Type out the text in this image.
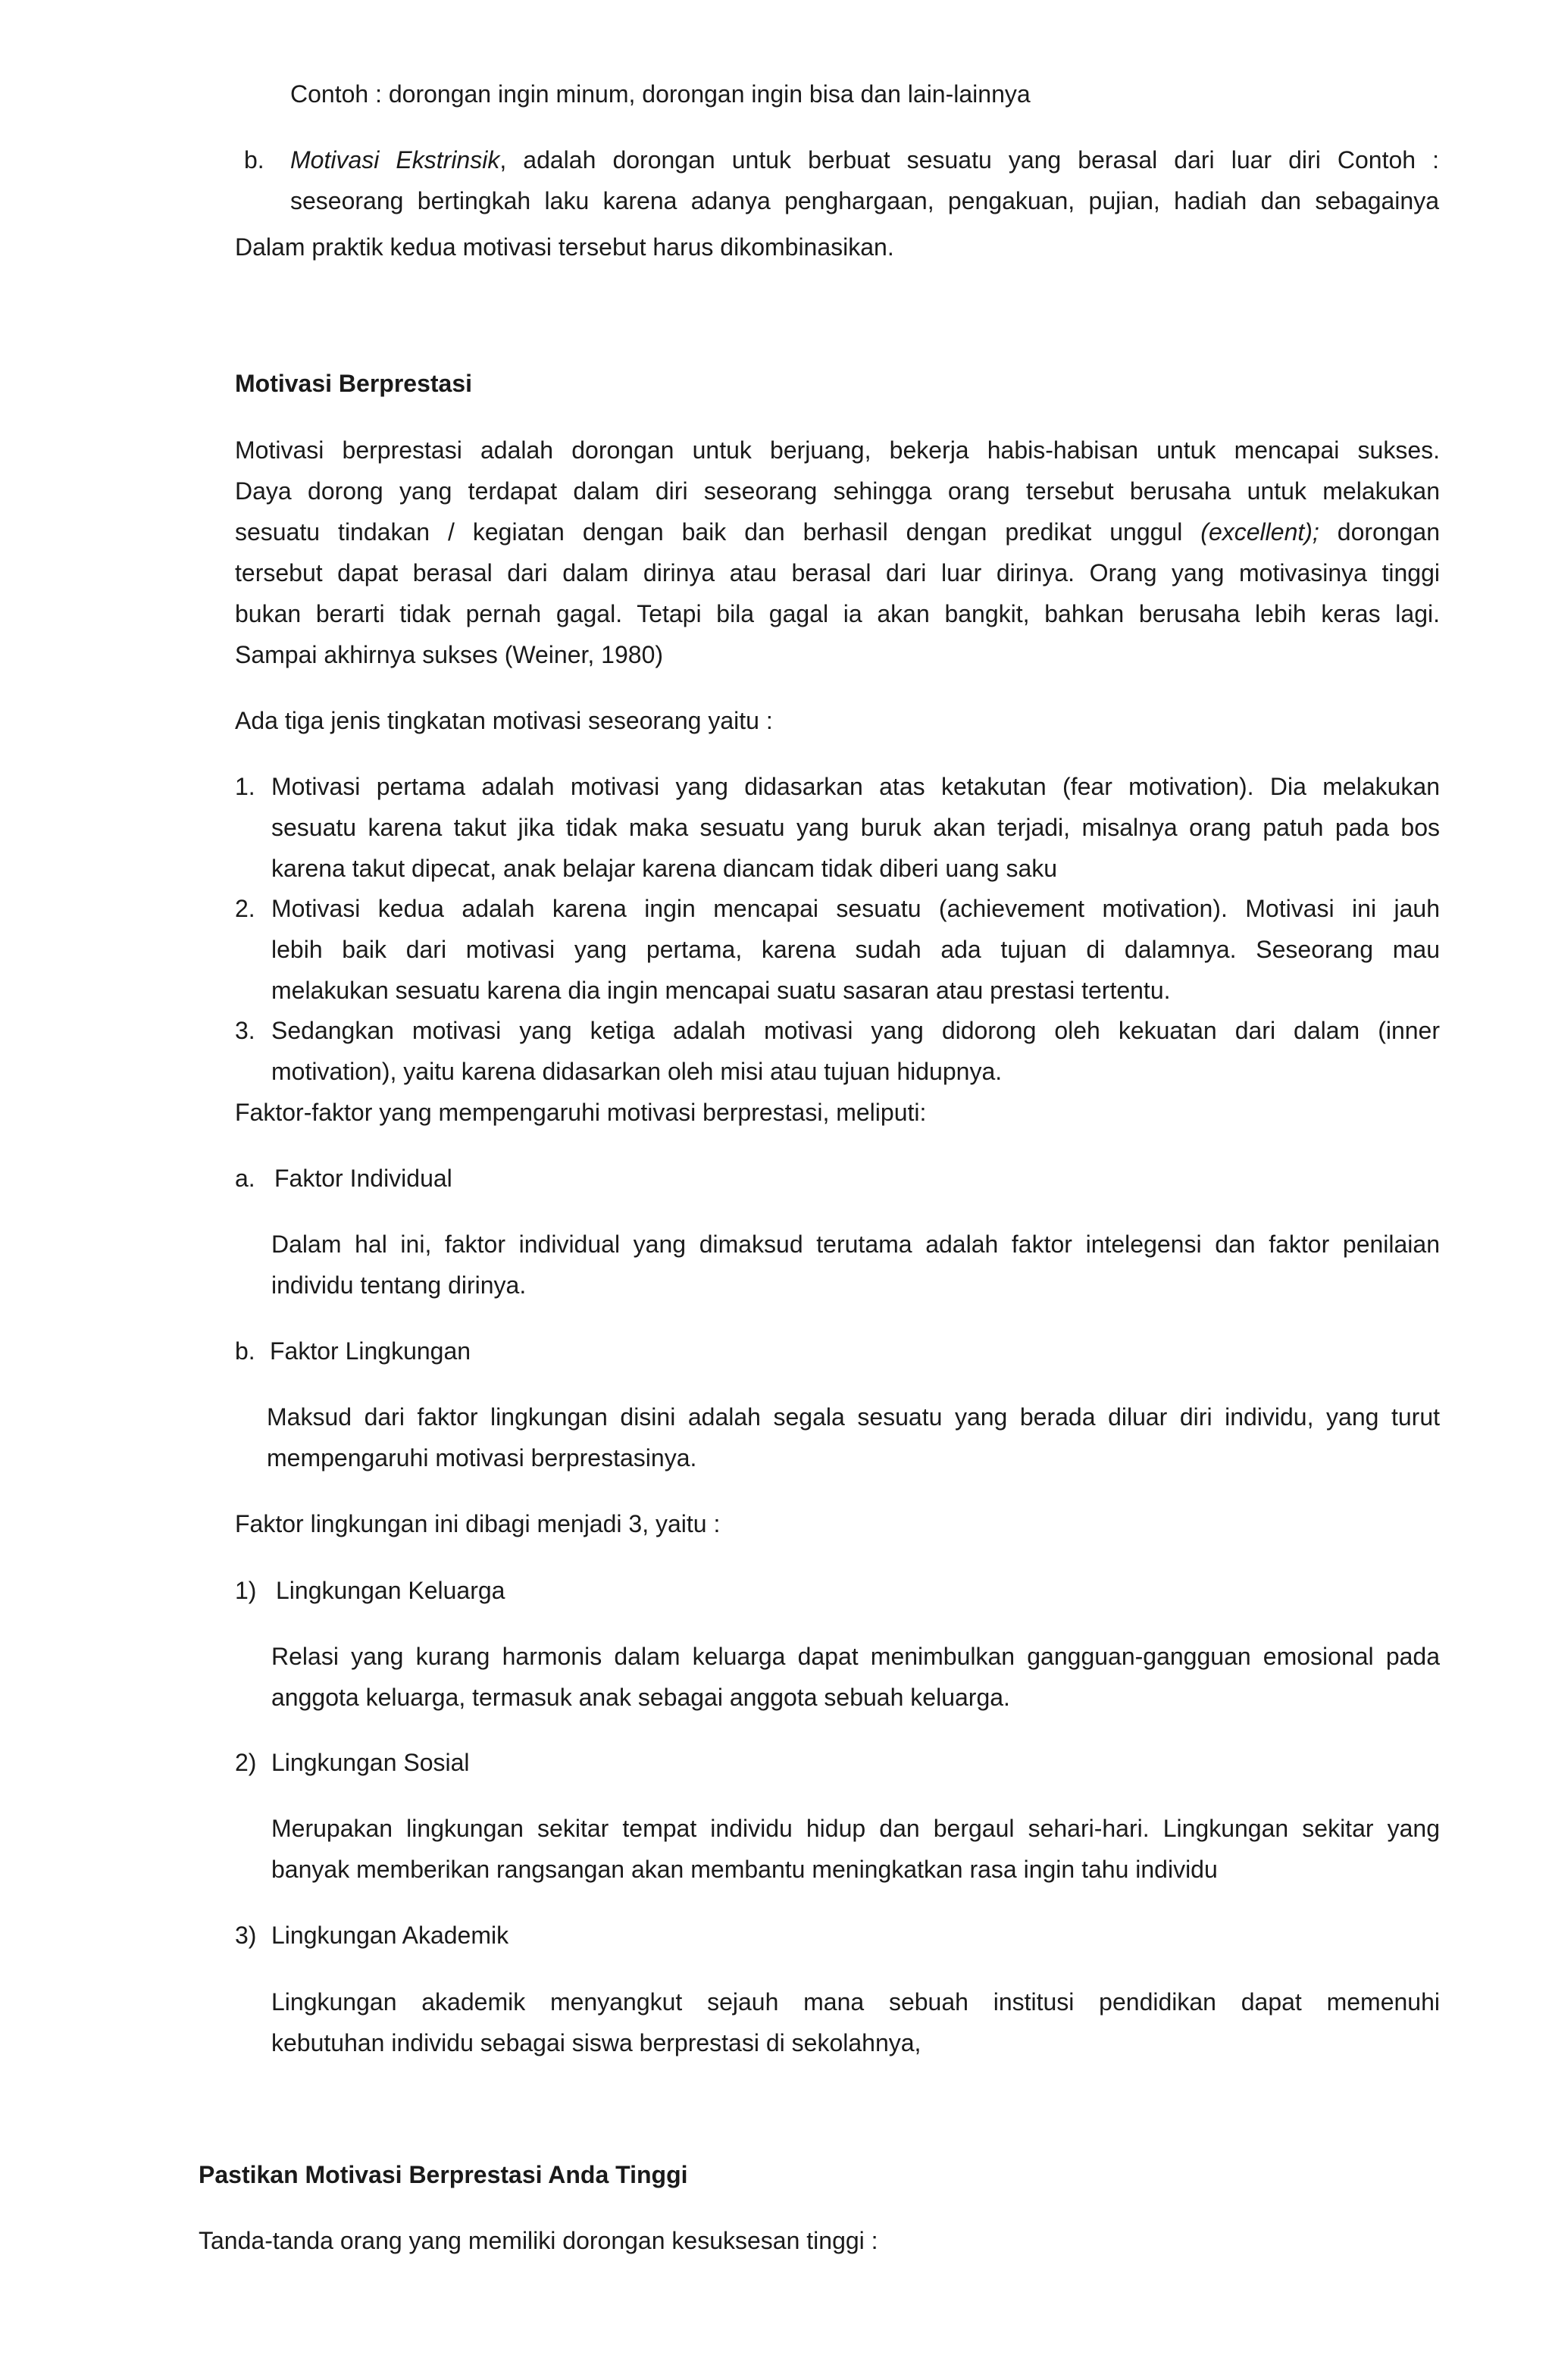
Contoh : dorongan ingin minum, dorongan ingin bisa dan lain-lainnya
b. Motivasi Ekstrinsik, adalah dorongan untuk berbuat sesuatu yang berasal dari luar diri Contoh :
seseorang bertingkah laku karena adanya penghargaan, pengakuan, pujian, hadiah dan sebagainya
Dalam praktik kedua motivasi tersebut harus dikombinasikan.
Motivasi Berprestasi
Motivasi berprestasi adalah dorongan untuk berjuang, bekerja habis-habisan untuk mencapai sukses.
Daya dorong yang terdapat dalam diri seseorang sehingga orang tersebut berusaha untuk melakukan
sesuatu tindakan / kegiatan dengan baik dan berhasil dengan predikat unggul (excellent); dorongan
tersebut dapat berasal dari dalam dirinya atau berasal dari luar dirinya. Orang yang motivasinya tinggi
bukan berarti tidak pernah gagal. Tetapi bila gagal ia akan bangkit, bahkan berusaha lebih keras lagi.
Sampai akhirnya sukses (Weiner, 1980)
Ada tiga jenis tingkatan motivasi seseorang yaitu :
1. Motivasi pertama adalah motivasi yang didasarkan atas ketakutan (fear motivation). Dia melakukan
sesuatu karena takut jika tidak maka sesuatu yang buruk akan terjadi, misalnya orang patuh pada bos
karena takut dipecat, anak belajar karena diancam tidak diberi uang saku
2. Motivasi kedua adalah karena ingin mencapai sesuatu (achievement motivation). Motivasi ini jauh
lebih baik dari motivasi yang pertama, karena sudah ada tujuan di dalamnya. Seseorang mau
melakukan sesuatu karena dia ingin mencapai suatu sasaran atau prestasi tertentu.
3. Sedangkan motivasi yang ketiga adalah motivasi yang didorong oleh kekuatan dari dalam (inner
motivation), yaitu karena didasarkan oleh misi atau tujuan hidupnya.
Faktor-faktor yang mempengaruhi motivasi berprestasi, meliputi:
a. Faktor Individual
Dalam hal ini, faktor individual yang dimaksud terutama adalah faktor intelegensi dan faktor penilaian
individu tentang dirinya.
b. Faktor Lingkungan
Maksud dari faktor lingkungan disini adalah segala sesuatu yang berada diluar diri individu, yang turut
mempengaruhi motivasi berprestasinya.
Faktor lingkungan ini dibagi menjadi 3, yaitu :
1) Lingkungan Keluarga
Relasi yang kurang harmonis dalam keluarga dapat menimbulkan gangguan-gangguan emosional pada
anggota keluarga, termasuk anak sebagai anggota sebuah keluarga.
2) Lingkungan Sosial
Merupakan lingkungan sekitar tempat individu hidup dan bergaul sehari-hari. Lingkungan sekitar yang
banyak memberikan rangsangan akan membantu meningkatkan rasa ingin tahu individu
3) Lingkungan Akademik
Lingkungan akademik menyangkut sejauh mana sebuah institusi pendidikan dapat memenuhi
kebutuhan individu sebagai siswa berprestasi di sekolahnya,
Pastikan Motivasi Berprestasi Anda Tinggi
Tanda-tanda orang yang memiliki dorongan kesuksesan tinggi :
